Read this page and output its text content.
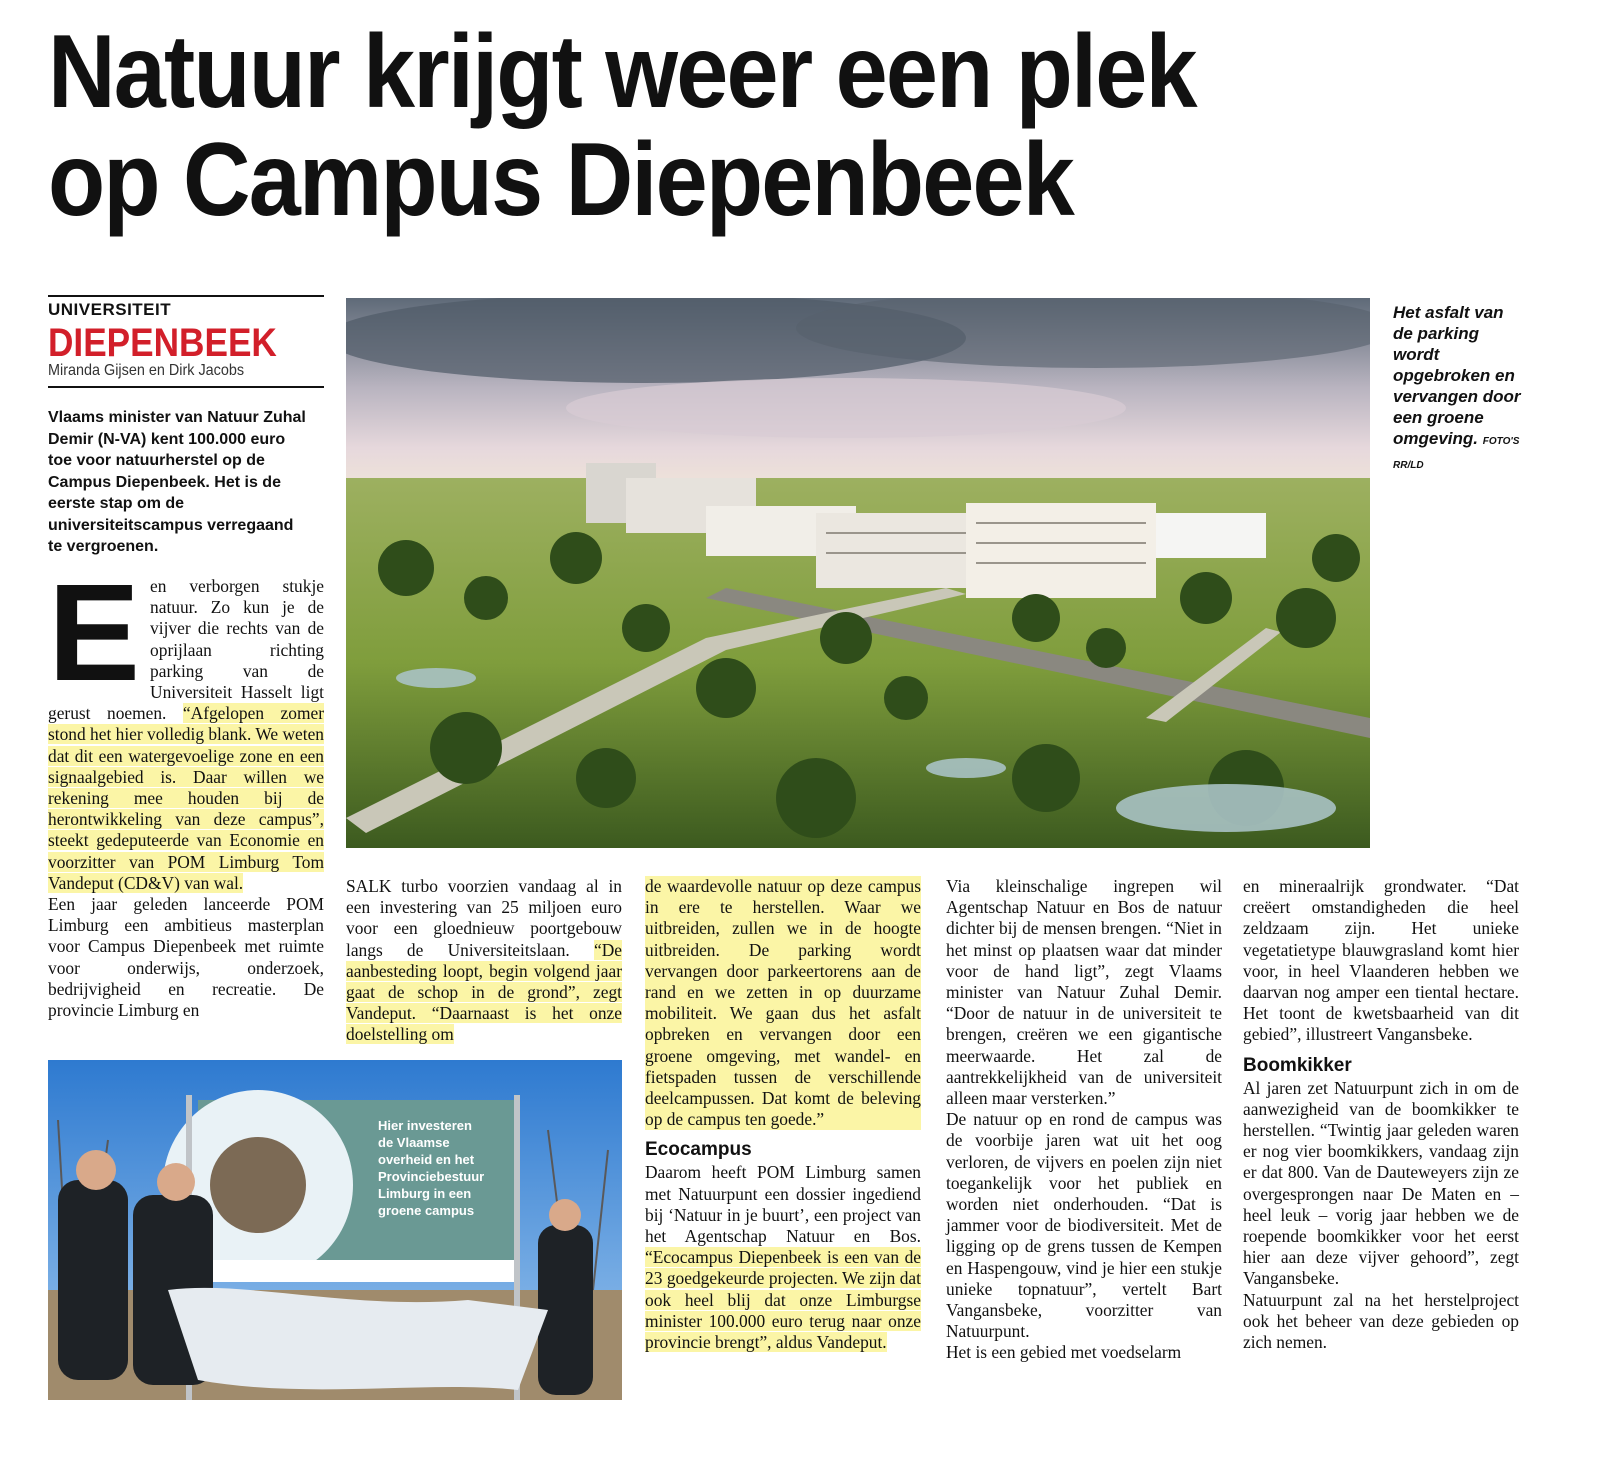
Natuur krijgt weer een plek
op Campus Diepenbeek
UNIVERSITEIT
DIEPENBEEK
Miranda Gijsen en Dirk Jacobs
Vlaams minister van Natuur Zuhal Demir (N-VA) kent 100.000 euro toe voor natuurherstel op de Campus Diepenbeek. Het is de eerste stap om de universiteitscampus verregaand te vergroenen.
Het asfalt van de parking wordt opgebroken en vervangen door een groene omgeving. FOTO'S RR/LD

Een verborgen stukje natuur. Zo kun je de vijver die rechts van de oprijlaan richting parking van de Universiteit Hasselt ligt gerust noemen. “Afgelopen zomer stond het hier volledig blank. We weten dat dit een watergevoelige zone en een signaalgebied is. Daar willen we rekening mee houden bij de herontwikkeling van deze campus”, steekt gedeputeerde van Economie en voorzitter van POM Limburg Tom Vandeput (CD&V) van wal.

Een jaar geleden lanceerde POM Limburg een ambitieus masterplan voor Campus Diepenbeek met ruimte voor onderwijs, onderzoek, bedrijvigheid en recreatie. De provincie Limburg en

SALK turbo voorzien vandaag al in een investering van 25 miljoen euro voor een gloednieuw poortgebouw langs de Universiteitslaan. “De aanbesteding loopt, begin volgend jaar gaat de schop in de grond”, zegt Vandeput. “Daarnaast is het onze doelstelling om

Hier investeren de Vlaamse overheid en het Provinciebestuur Limburg in een groene campus

de waardevolle natuur op deze campus in ere te herstellen. Waar we uitbreiden, zullen we in de hoogte uitbreiden. De parking wordt vervangen door parkeertorens aan de rand en we zetten in op duurzame mobiliteit. We gaan dus het asfalt opbreken en vervangen door een groene omgeving, met wandel- en fietspaden tussen de verschillende deelcampussen. Dat komt de beleving op de campus ten goede.”

Ecocampus

Daarom heeft POM Limburg samen met Natuurpunt een dossier ingediend bij ‘Natuur in je buurt’, een project van het Agentschap Natuur en Bos. “Ecocampus Diepenbeek is een van de 23 goedgekeurde projecten. We zijn dat ook heel blij dat onze Limburgse minister 100.000 euro terug naar onze provincie brengt”, aldus Vandeput.

Via kleinschalige ingrepen wil Agentschap Natuur en Bos de natuur dichter bij de mensen brengen. “Niet in het minst op plaatsen waar dat minder voor de hand ligt”, zegt Vlaams minister van Natuur Zuhal Demir. “Door de natuur in de universiteit te brengen, creëren we een gigantische meerwaarde. Het zal de aantrekkelijkheid van de universiteit alleen maar versterken.”

De natuur op en rond de campus was de voorbije jaren wat uit het oog verloren, de vijvers en poelen zijn niet toegankelijk voor het publiek en worden niet onderhouden. “Dat is jammer voor de biodiversiteit. Met de ligging op de grens tussen de Kempen en Haspengouw, vind je hier een stukje unieke topnatuur”, vertelt Bart Vangansbeke, voorzitter van Natuurpunt.

Het is een gebied met voedselarm

en mineraalrijk grondwater. “Dat creëert omstandigheden die heel zeldzaam zijn. Het unieke vegetatietype blauwgrasland komt hier voor, in heel Vlaanderen hebben we daarvan nog amper een tiental hectare. Het toont de kwetsbaarheid van dit gebied”, illustreert Vangansbeke.

Boomkikker

Al jaren zet Natuurpunt zich in om de aanwezigheid van de boomkikker te herstellen. “Twintig jaar geleden waren er nog vier boomkikkers, vandaag zijn er dat 800. Van de Dauteweyers zijn ze overgesprongen naar De Maten en – heel leuk – vorig jaar hebben we de roepende boomkikker voor het eerst hier aan deze vijver gehoord”, zegt Vangansbeke.

Natuurpunt zal na het herstelproject ook het beheer van deze gebieden op zich nemen.
